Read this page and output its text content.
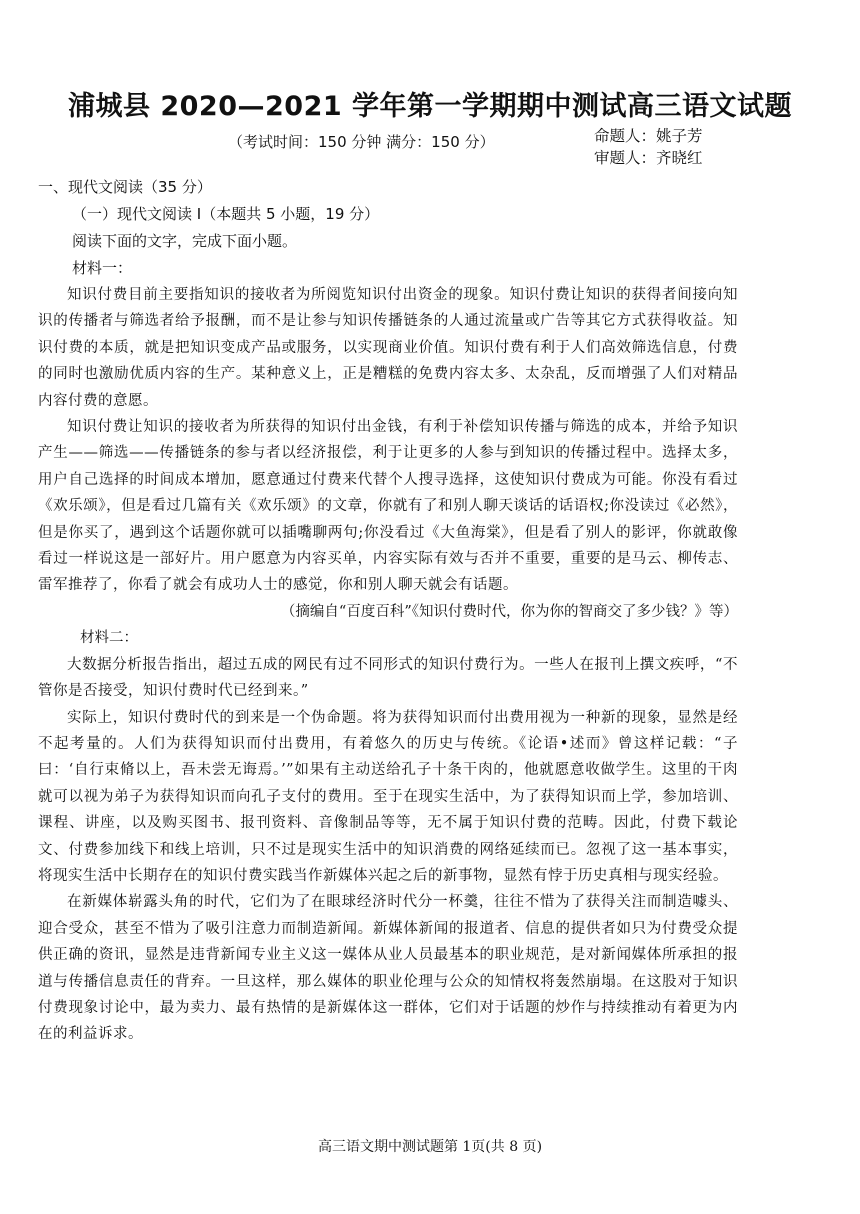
浦城县 2020—2021 学年第一学期期中测试高三语文试题
（考试时间：150 分钟 满分：150 分）	命题人：姚子芳
审题人：齐晓红

一、现代文阅读（35 分）

（一）现代文阅读 I（本题共 5 小题，19 分）

阅读下面的文字，完成下面小题。

材料一：

知识付费目前主要指知识的接收者为所阅览知识付出资金的现象。知识付费让知识的获得者间接向知识的传播者与筛选者给予报酬，而不是让参与知识传播链条的人通过流量或广告等其它方式获得收益。知识付费的本质，就是把知识变成产品或服务，以实现商业价值。知识付费有利于人们高效筛选信息，付费的同时也激励优质内容的生产。某种意义上，正是糟糕的免费内容太多、太杂乱，反而增强了人们对精品内容付费的意愿。

知识付费让知识的接收者为所获得的知识付出金钱，有利于补偿知识传播与筛选的成本，并给予知识产生——筛选——传播链条的参与者以经济报偿，利于让更多的人参与到知识的传播过程中。选择太多，用户自己选择的时间成本增加，愿意通过付费来代替个人搜寻选择，这使知识付费成为可能。你没有看过《欢乐颂》，但是看过几篇有关《欢乐颂》的文章，你就有了和别人聊天谈话的话语权;你没读过《必然》，但是你买了，遇到这个话题你就可以插嘴聊两句;你没看过《大鱼海棠》，但是看了别人的影评，你就敢像看过一样说这是一部好片。用户愿意为内容买单，内容实际有效与否并不重要，重要的是马云、柳传志、雷军推荐了，你看了就会有成功人士的感觉，你和别人聊天就会有话题。

（摘编自“百度百科”《知识付费时代，你为你的智商交了多少钱？》等）

材料二：

大数据分析报告指出，超过五成的网民有过不同形式的知识付费行为。一些人在报刊上撰文疾呼，“不管你是否接受，知识付费时代已经到来。”

实际上，知识付费时代的到来是一个伪命题。将为获得知识而付出费用视为一种新的现象，显然是经不起考量的。人们为获得知识而付出费用，有着悠久的历史与传统。《论语•述而》曾这样记载：“子曰：‘自行束脩以上，吾未尝无诲焉。’”如果有主动送给孔子十条干肉的，他就愿意收做学生。这里的干肉就可以视为弟子为获得知识而向孔子支付的费用。至于在现实生活中，为了获得知识而上学，参加培训、课程、讲座，以及购买图书、报刊资料、音像制品等等，无不属于知识付费的范畴。因此，付费下载论文、付费参加线下和线上培训，只不过是现实生活中的知识消费的网络延续而已。忽视了这一基本事实，将现实生活中长期存在的知识付费实践当作新媒体兴起之后的新事物，显然有悖于历史真相与现实经验。

在新媒体崭露头角的时代，它们为了在眼球经济时代分一杯羹，往往不惜为了获得关注而制造噱头、迎合受众，甚至不惜为了吸引注意力而制造新闻。新媒体新闻的报道者、信息的提供者如只为付费受众提供正确的资讯，显然是违背新闻专业主义这一媒体从业人员最基本的职业规范，是对新闻媒体所承担的报道与传播信息责任的背弃。一旦这样，那么媒体的职业伦理与公众的知情权将轰然崩塌。在这股对于知识付费现象讨论中，最为卖力、最有热情的是新媒体这一群体，它们对于话题的炒作与持续推动有着更为内在的利益诉求。

高三语文期中测试题第 1页(共 8 页)
